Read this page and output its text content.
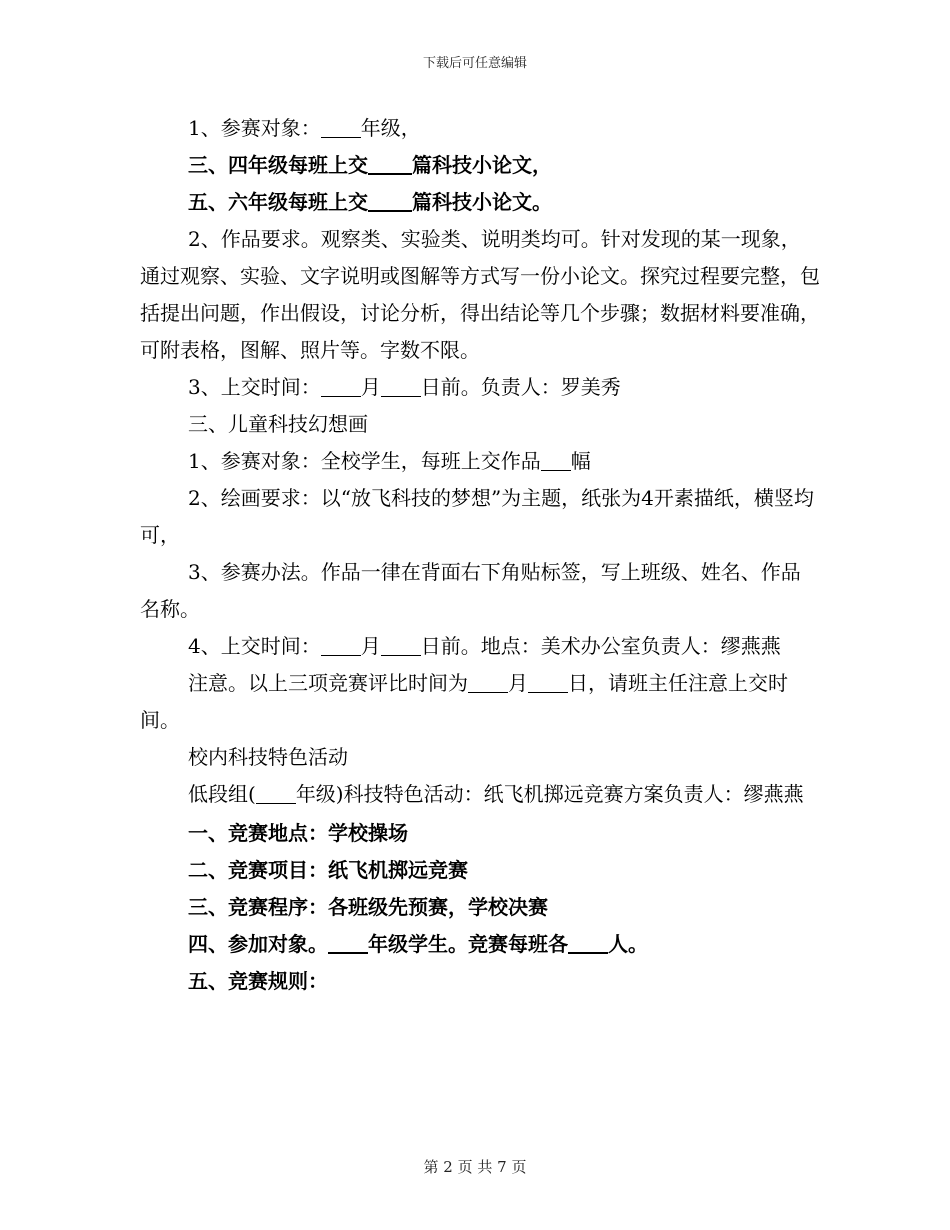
下载后可任意编辑

1、参赛对象： 年级，

三、四年级每班上交 篇科技小论文，

五、六年级每班上交 篇科技小论文。

2、作品要求。观察类、实验类、说明类均可。针对发现的某一现象，通过观察、实验、文字说明或图解等方式写一份小论文。探究过程要完整，包括提出问题，作出假设，讨论分析，得出结论等几个步骤；数据材料要准确，可附表格，图解、照片等。字数不限。

3、上交时间： 月 日前。负责人：罗美秀

三、儿童科技幻想画

1、参赛对象：全校学生，每班上交作品 幅

2、绘画要求：以“放飞科技的梦想”为主题，纸张为4开素描纸，横竖均可，

3、参赛办法。作品一律在背面右下角贴标签，写上班级、姓名、作品名称。

4、上交时间： 月 日前。地点：美术办公室负责人：缪燕燕

注意。以上三项竞赛评比时间为 月 日，请班主任注意上交时间。

校内科技特色活动

低段组( 年级)科技特色活动：纸飞机掷远竞赛方案负责人：缪燕燕

一、竞赛地点：学校操场

二、竞赛项目：纸飞机掷远竞赛

三、竞赛程序：各班级先预赛，学校决赛

四、参加对象。 年级学生。竞赛每班各 人。

五、竞赛规则：

第 2 页 共 7 页
